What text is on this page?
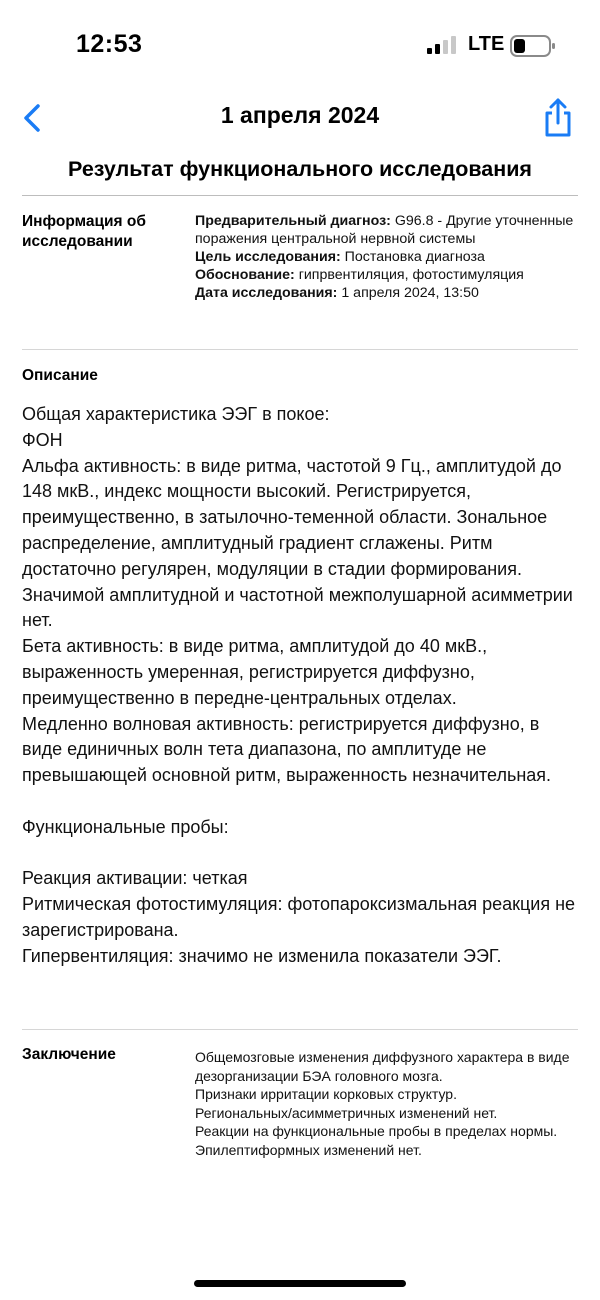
12:53	LTE
1 апреля 2024
Результат функционального исследования
Информация об исследовании

Предварительный диагноз: G96.8 - Другие уточненные поражения центральной нервной системы

Цель исследования: Постановка диагноза

Обоснование: гипрвентиляция, фотостимуляция

Дата исследования: 1 апреля 2024, 13:50

Описание
Общая характеристика ЭЭГ в покое:
ФОН
Альфа активность: в виде ритма, частотой 9 Гц., амплитудой до 148 мкВ., индекс мощности высокий. Регистрируется, преимущественно, в затылочно-теменной области. Зональное распределение, амплитудный градиент сглажены. Ритм достаточно регулярен, модуляции в стадии формирования. Значимой амплитудной и частотной межполушарной асимметрии нет.
Бета активность: в виде ритма, амплитудой до 40 мкВ., выраженность умеренная, регистрируется диффузно, преимущественно в передне-центральных отделах.
Медленно волновая активность: регистрируется диффузно, в виде единичных волн тета диапазона, по амплитуде не превышающей основной ритм, выраженность незначительная.

Функциональные пробы:

Реакция активации: четкая
Ритмическая фотостимуляция: фотопароксизмальная реакция не зарегистрирована.
Гипервентиляция: значимо не изменила показатели ЭЭГ.
Заключение	Общемозговые изменения диффузного характера в виде дезорганизации БЭА головного мозга.
Признаки ирритации корковых структур.
Региональных/асимметричных изменений нет.
Реакции на функциональные пробы в пределах нормы.
Эпилептиформных изменений нет.
